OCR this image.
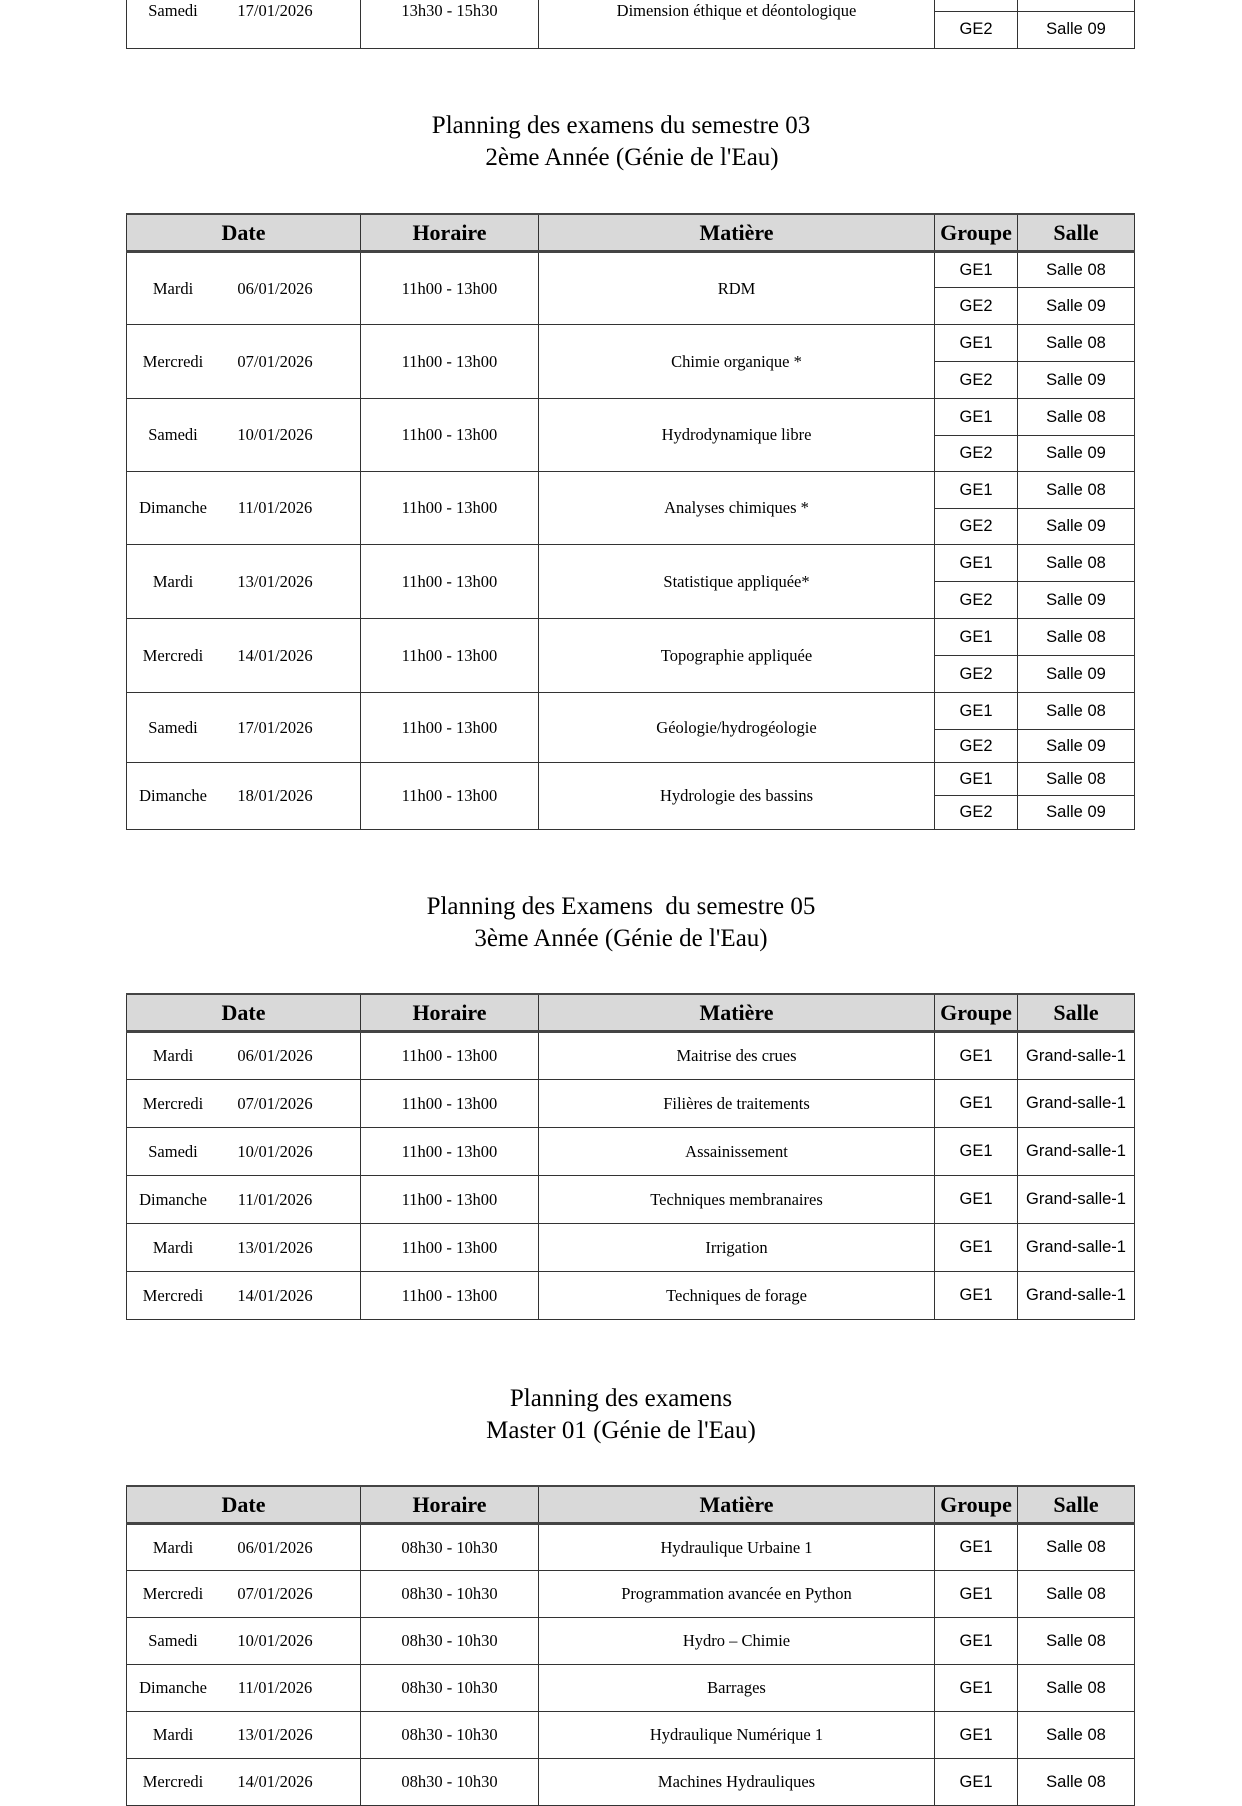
Samedi 17/01/2026	13h30 - 15h30	Dimension éthique et déontologique		
			GE2	Salle 09
Planning des examens du semestre 03
2ème Année (Génie de l'Eau)
Date	Horaire	Matière	Groupe	Salle

Mardi 06/01/2026	11h00 - 13h00	RDM	GE1	Salle 08
			GE2	Salle 09

Mercredi 07/01/2026	11h00 - 13h00	Chimie organique *	GE1	Salle 08
			GE2	Salle 09

Samedi 10/01/2026	11h00 - 13h00	Hydrodynamique libre	GE1	Salle 08
			GE2	Salle 09

Dimanche 11/01/2026	11h00 - 13h00	Analyses chimiques *	GE1	Salle 08
			GE2	Salle 09

Mardi 13/01/2026	11h00 - 13h00	Statistique appliquée*	GE1	Salle 08
			GE2	Salle 09

Mercredi 14/01/2026	11h00 - 13h00	Topographie appliquée	GE1	Salle 08
			GE2	Salle 09

Samedi 17/01/2026	11h00 - 13h00	Géologie/hydrogéologie	GE1	Salle 08
			GE2	Salle 09

Dimanche 18/01/2026	11h00 - 13h00	Hydrologie des bassins	GE1	Salle 08
			GE2	Salle 09
Planning des Examens  du semestre 05
3ème Année (Génie de l'Eau)
Date	Horaire	Matière	Groupe	Salle

Mardi 06/01/2026	11h00 - 13h00	Maitrise des crues	GE1	Grand-salle-1

Mercredi 07/01/2026	11h00 - 13h00	Filières de traitements	GE1	Grand-salle-1

Samedi 10/01/2026	11h00 - 13h00	Assainissement	GE1	Grand-salle-1

Dimanche 11/01/2026	11h00 - 13h00	Techniques membranaires	GE1	Grand-salle-1

Mardi 13/01/2026	11h00 - 13h00	Irrigation	GE1	Grand-salle-1

Mercredi 14/01/2026	11h00 - 13h00	Techniques de forage	GE1	Grand-salle-1
Planning des examens
Master 01 (Génie de l'Eau)
Date	Horaire	Matière	Groupe	Salle

Mardi 06/01/2026	08h30 - 10h30	Hydraulique Urbaine 1	GE1	Salle 08

Mercredi 07/01/2026	08h30 - 10h30	Programmation avancée en Python	GE1	Salle 08

Samedi 10/01/2026	08h30 - 10h30	Hydro – Chimie	GE1	Salle 08

Dimanche 11/01/2026	08h30 - 10h30	Barrages	GE1	Salle 08

Mardi 13/01/2026	08h30 - 10h30	Hydraulique Numérique 1	GE1	Salle 08

Mercredi 14/01/2026	08h30 - 10h30	Machines Hydrauliques	GE1	Salle 08
